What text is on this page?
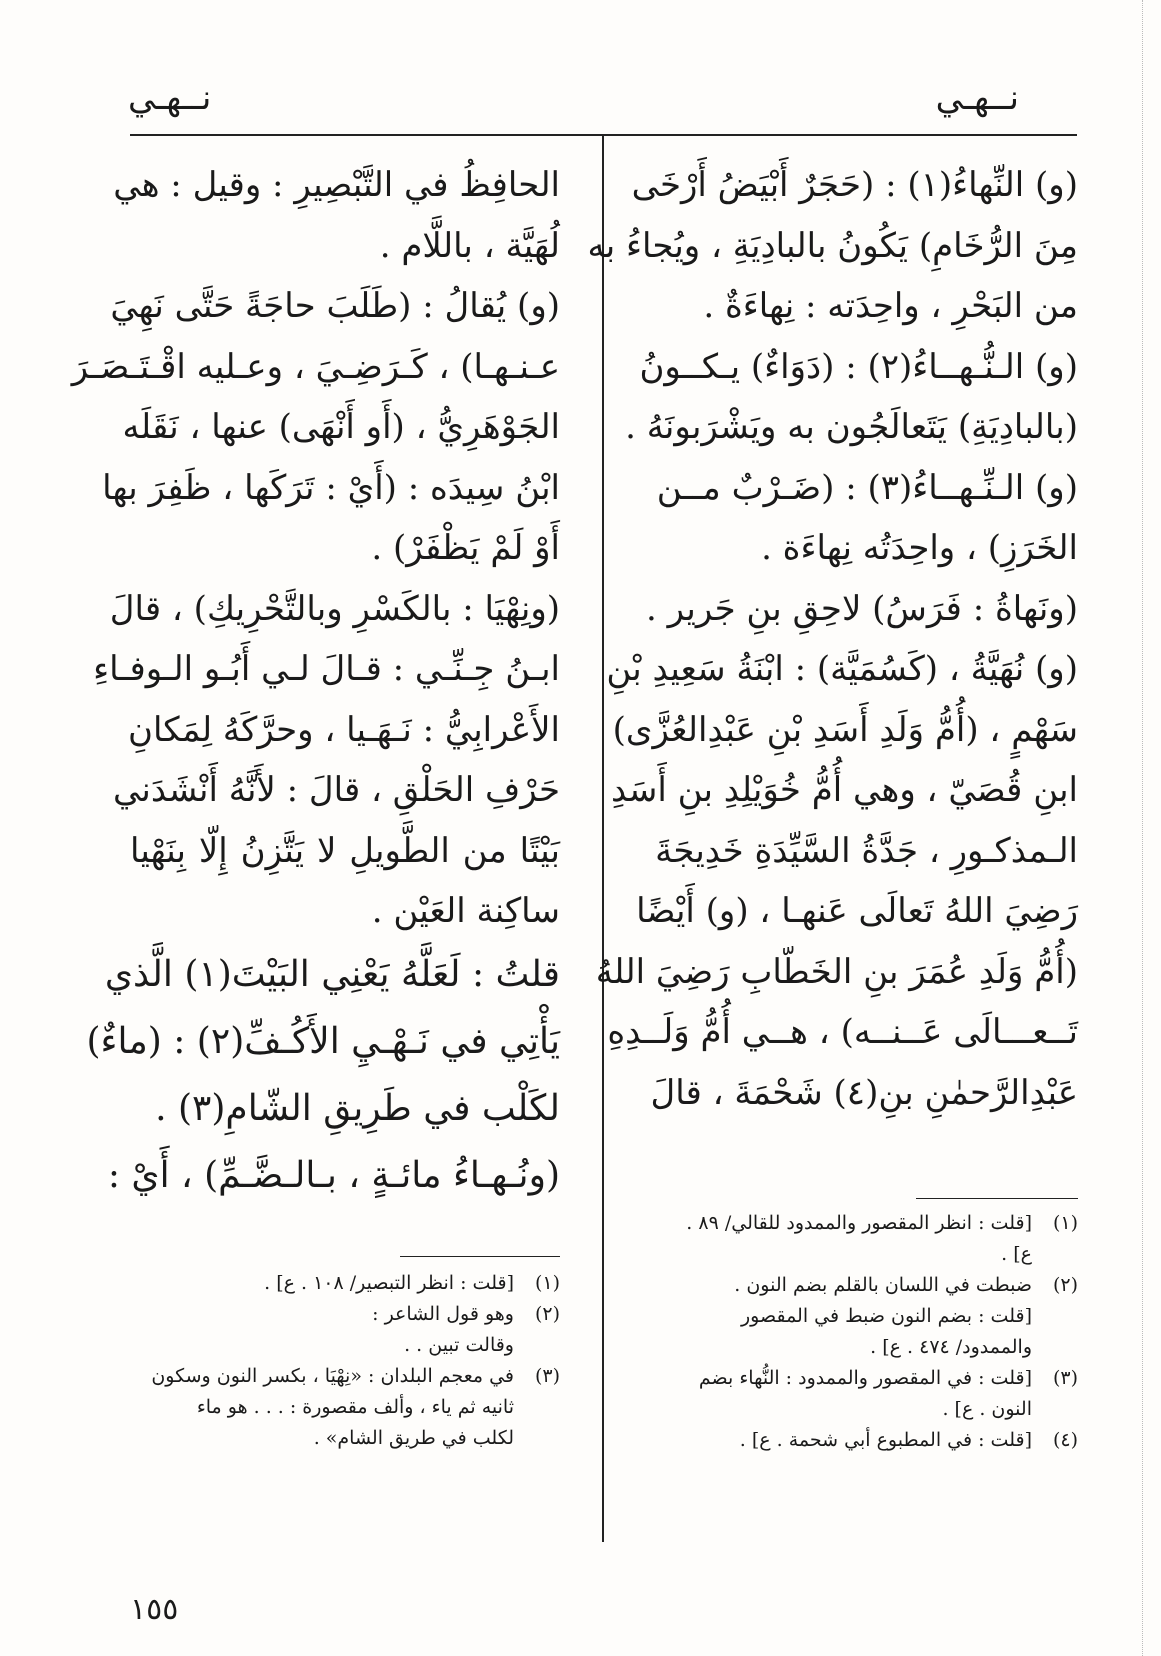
نــهـي
نــهـي
(و) النِّهاءُ(١) : (حَجَرٌ أَبْيَضُ أَرْخَى
مِنَ الرُّخَامِ) يَكُونُ بالبادِيَةِ ، ويُجاءُ به
من البَحْرِ ، واحِدَته : نِهاءَةٌ .
(و) الـنُّـهــاءُ(٢) : (دَوَاءٌ) يـكــونُ
(بالبادِيَةِ) يَتَعالَجُون به ويَشْرَبونَهُ .
(و) الـنِّـهــاءُ(٣) : (ضَـرْبٌ مــن
الخَرَزِ) ، واحِدَتُه نِهاءَة .
(ونَهاةُ : فَرَسُ) لاحِقِ بنِ جَرير .
(و) نُهَيَّةُ ، (كَسُمَيَّة) : ابْنَةُ سَعِيدِ بْنِ
سَهْمٍ ، (أُمُّ وَلَدِ أَسَدِ بْنِ عَبْدِالعُزَّى)
ابنِ قُصَيّ ، وهي أُمُّ خُوَيْلِدِ بنِ أَسَدِ
الـمذكـورِ ، جَدَّةُ السَّيِّدَةِ خَدِيجَةَ
رَضِيَ اللهُ تَعالَى عَنهـا ، (و) أَيْضًا
(أُمُّ وَلَدِ عُمَرَ بنِ الخَطّابِ رَضِيَ اللهُ
تَــعـــالَى عَــنــه) ، هــي أُمُّ وَلَــدِهِ
عَبْدِالرَّحمٰنِ بنِ(٤) شَحْمَةَ ، قالَ
الحافِظُ في التَّبْصِيرِ : وقيل : هي
لُهَيَّة ، باللَّام .
(و) يُقالُ : (طَلَبَ حاجَةً حَتَّى نَهِيَ
عـنـهـا) ، كَـرَضِـيَ ، وعـليه اقْـتَـصَـرَ
الجَوْهَرِيُّ ، (أَو أَنْهَى) عنها ، نَقَلَه
ابْنُ سِيدَه : (أَيْ : تَرَكَها ، ظَفِرَ بها
أَوْ لَمْ يَظْفَرْ) .
(ونِهْيَا : بالكَسْرِ وبالتَّحْرِيكِ) ، قالَ
ابـنُ جِـنِّـي : قـالَ لـي أَبُـو الـوفـاءِ
الأَعْرابِيُّ : نَـهَـيا ، وحرَّكَهُ لِمَكانِ
حَرْفِ الحَلْقِ ، قالَ : لأَنَّهُ أَنْشَدَني
بَيْتًا من الطَّويلِ لا يَتَّزِنُ إِلّا بِنَهْيا
ساكِنة العَيْن .
قلتُ : لَعَلَّهُ يَعْنِي البَيْتَ(١) الَّذي
يَأْتِي في نَـهْـيِ الأَكُـفِّ(٢) : (ماءٌ)
لكَلْب في طَرِيقِ الشّامِ(٣) .
(ونُـهـاءُ مائـةٍ ، بـالـضَّـمِّ) ، أَيْ :
(١)
[قلت : انظر المقصور والممدود للقالي/ ٨٩ .
ع] .
(٢)
ضبطت في اللسان بالقلم بضم النون .
[قلت : بضم النون ضبط في المقصور
والممدود/ ٤٧٤ . ع] .
(٣)
[قلت : في المقصور والممدود : النُّهاء بضم
النون . ع] .
(٤)
[قلت : في المطبوع أبي شحمة . ع] .
(١)
[قلت : انظر التبصير/ ١٠٨ . ع] .
(٢)
وهو قول الشاعر :
وقالت تبين . .
(٣)
في معجم البلدان : «نِهْيَا ، بكسر النون وسكون
ثانيه ثم ياء ، وألف مقصورة : . . . هو ماء
لكلب في طريق الشام» .
١٥٥
